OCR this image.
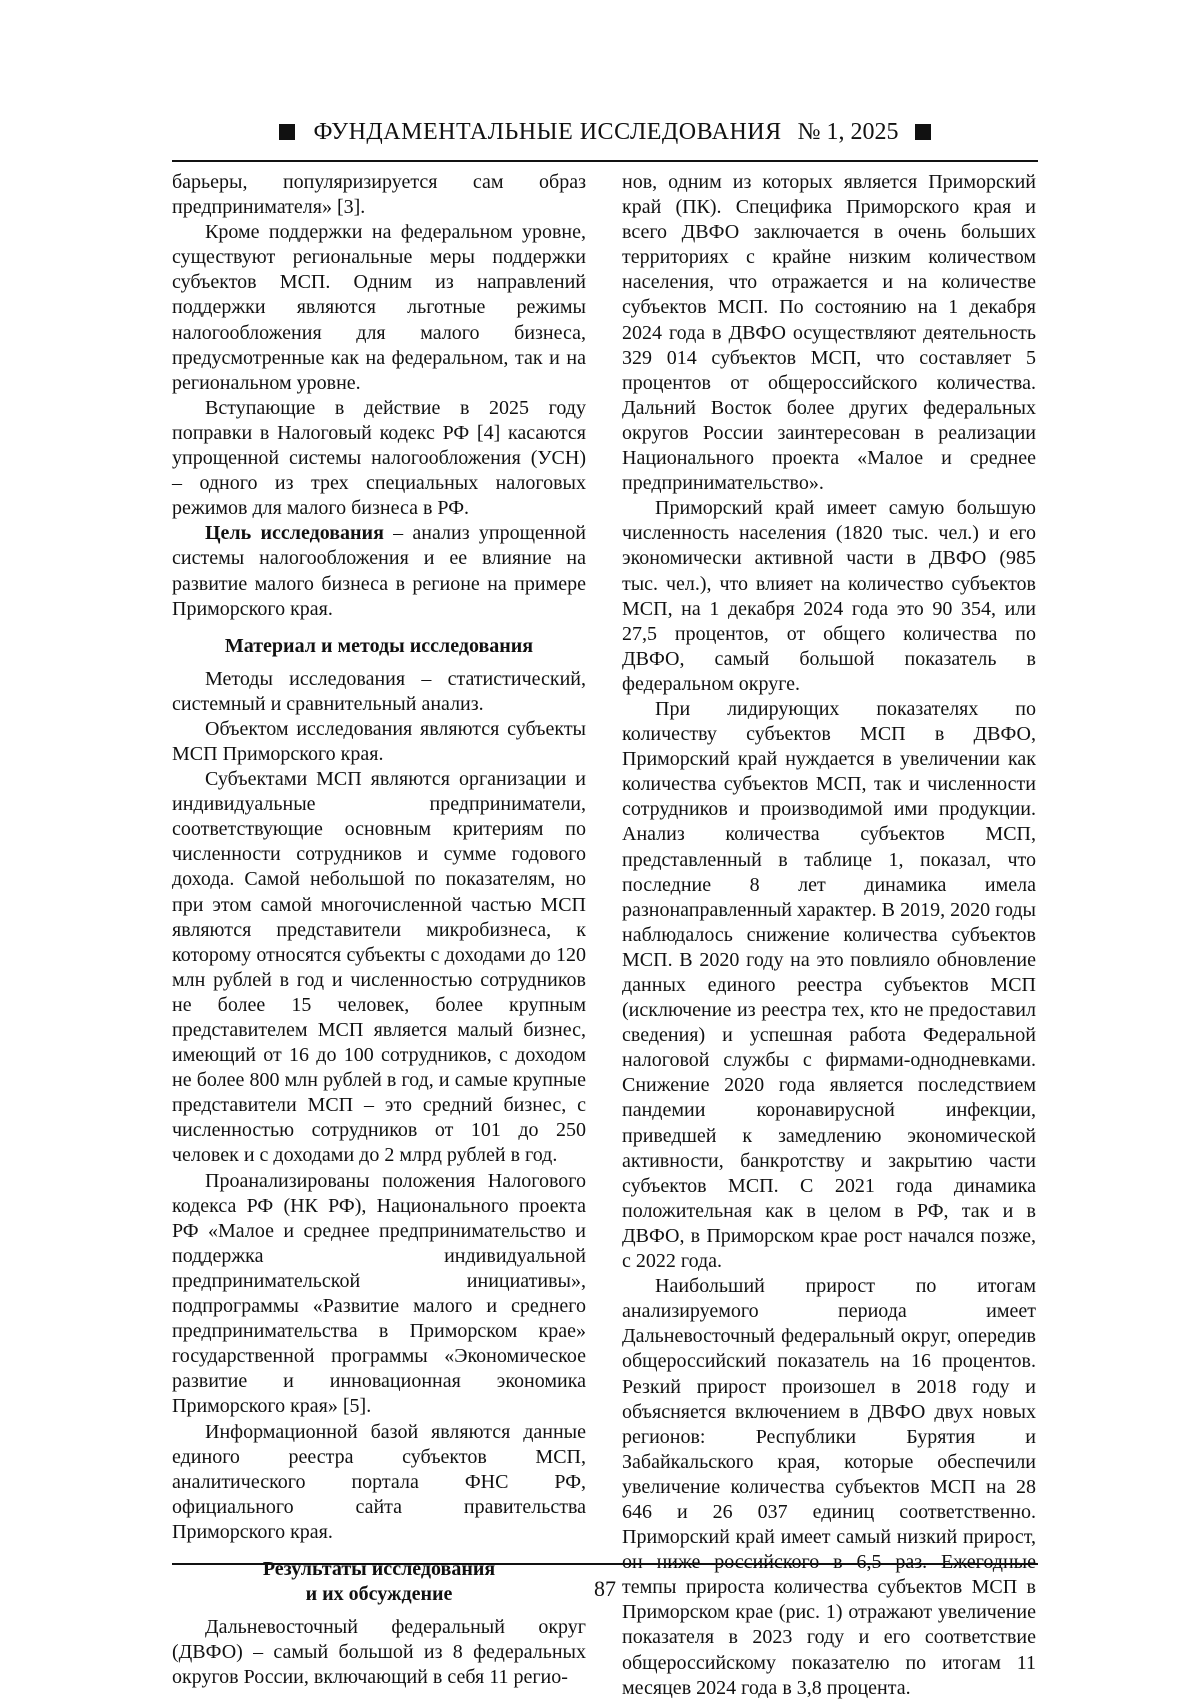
ФУНДАМЕНТАЛЬНЫЕ ИССЛЕДОВАНИЯ № 1, 2025

барьеры, популяризируется сам образ предпринимателя» [3].

Кроме поддержки на федеральном уровне, существуют региональные меры поддержки субъектов МСП. Одним из направлений поддержки являются льготные режимы налогообложения для малого бизнеса, предусмотренные как на федеральном, так и на региональном уровне.

Вступающие в действие в 2025 году поправки в Налоговый кодекс РФ [4] касаются упрощенной системы налогообложения (УСН) – одного из трех специальных налоговых режимов для малого бизнеса в РФ.

Цель исследования – анализ упрощенной системы налогообложения и ее влияние на развитие малого бизнеса в регионе на примере Приморского края.

Материал и методы исследования

Методы исследования – статистический, системный и сравнительный анализ.

Объектом исследования являются субъекты МСП Приморского края.

Субъектами МСП являются организации и индивидуальные предприниматели, соответствующие основным критериям по численности сотрудников и сумме годового дохода. Самой небольшой по показателям, но при этом самой многочисленной частью МСП являются представители микробизнеса, к которому относятся субъекты с доходами до 120 млн рублей в год и численностью сотрудников не более 15 человек, более крупным представителем МСП является малый бизнес, имеющий от 16 до 100 сотрудников, с доходом не более 800 млн рублей в год, и самые крупные представители МСП – это средний бизнес, с численностью сотрудников от 101 до 250 человек и с доходами до 2 млрд рублей в год.

Проанализированы положения Налогового кодекса РФ (НК РФ), Национального проекта РФ «Малое и среднее предпринимательство и поддержка индивидуальной предпринимательской инициативы», подпрограммы «Развитие малого и среднего предпринимательства в Приморском крае» государственной программы «Экономическое развитие и инновационная экономика Приморского края» [5].

Информационной базой являются данные единого реестра субъектов МСП, аналитического портала ФНС РФ, официального сайта правительства Приморского края.

Результаты исследования
и их обсуждение

Дальневосточный федеральный округ (ДВФО) – самый большой из 8 федеральных округов России, включающий в себя 11 регио-

нов, одним из которых является Приморский край (ПК). Специфика Приморского края и всего ДВФО заключается в очень больших территориях с крайне низким количеством населения, что отражается и на количестве субъектов МСП. По состоянию на 1 декабря 2024 года в ДВФО осуществляют деятельность 329 014 субъектов МСП, что составляет 5 процентов от общероссийского количества. Дальний Восток более других федеральных округов России заинтересован в реализации Национального проекта «Малое и среднее предпринимательство».

Приморский край имеет самую большую численность населения (1820 тыс. чел.) и его экономически активной части в ДВФО (985 тыс. чел.), что влияет на количество субъектов МСП, на 1 декабря 2024 года это 90 354, или 27,5 процентов, от общего количества по ДВФО, самый большой показатель в федеральном округе.

При лидирующих показателях по количеству субъектов МСП в ДВФО, Приморский край нуждается в увеличении как количества субъектов МСП, так и численности сотрудников и производимой ими продукции. Анализ количества субъектов МСП, представленный в таблице 1, показал, что последние 8 лет динамика имела разнонаправленный характер. В 2019, 2020 годы наблюдалось снижение количества субъектов МСП. В 2020 году на это повлияло обновление данных единого реестра субъектов МСП (исключение из реестра тех, кто не предоставил сведения) и успешная работа Федеральной налоговой службы с фирмами-однодневками. Снижение 2020 года является последствием пандемии коронавирусной инфекции, приведшей к замедлению экономической активности, банкротству и закрытию части субъектов МСП. С 2021 года динамика положительная как в целом в РФ, так и в ДВФО, в Приморском крае рост начался позже, с 2022 года.

Наибольший прирост по итогам анализируемого периода имеет Дальневосточный федеральный округ, опередив общероссийский показатель на 16 процентов. Резкий прирост произошел в 2018 году и объясняется включением в ДВФО двух новых регионов: Республики Бурятия и Забайкальского края, которые обеспечили увеличение количества субъектов МСП на 28 646 и 26 037 единиц соответственно. Приморский край имеет самый низкий прирост, он ниже российского в 6,5 раз. Ежегодные темпы прироста количества субъектов МСП в Приморском крае (рис. 1) отражают увеличение показателя в 2023 году и его соответствие общероссийскому показателю по итогам 11 месяцев 2024 года в 3,8 процента.

87
